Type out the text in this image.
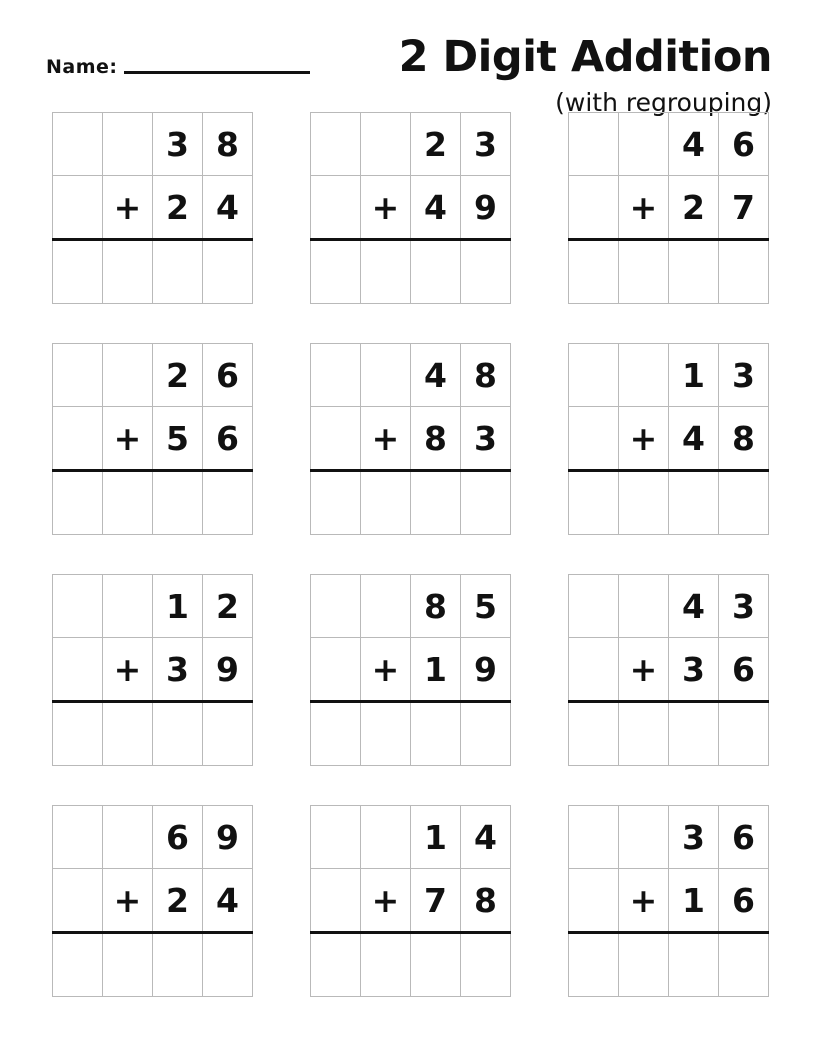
Name:	2 Digit Addition
(with regrouping)
		3	8
	+	2	4

		2	3
	+	4	9

		4	6
	+	2	7

		2	6
	+	5	6

		4	8
	+	8	3

		1	3
	+	4	8

		1	2
	+	3	9

		8	5
	+	1	9

		4	3
	+	3	6

		6	9
	+	2	4

		1	4
	+	7	8

		3	6
	+	1	6
